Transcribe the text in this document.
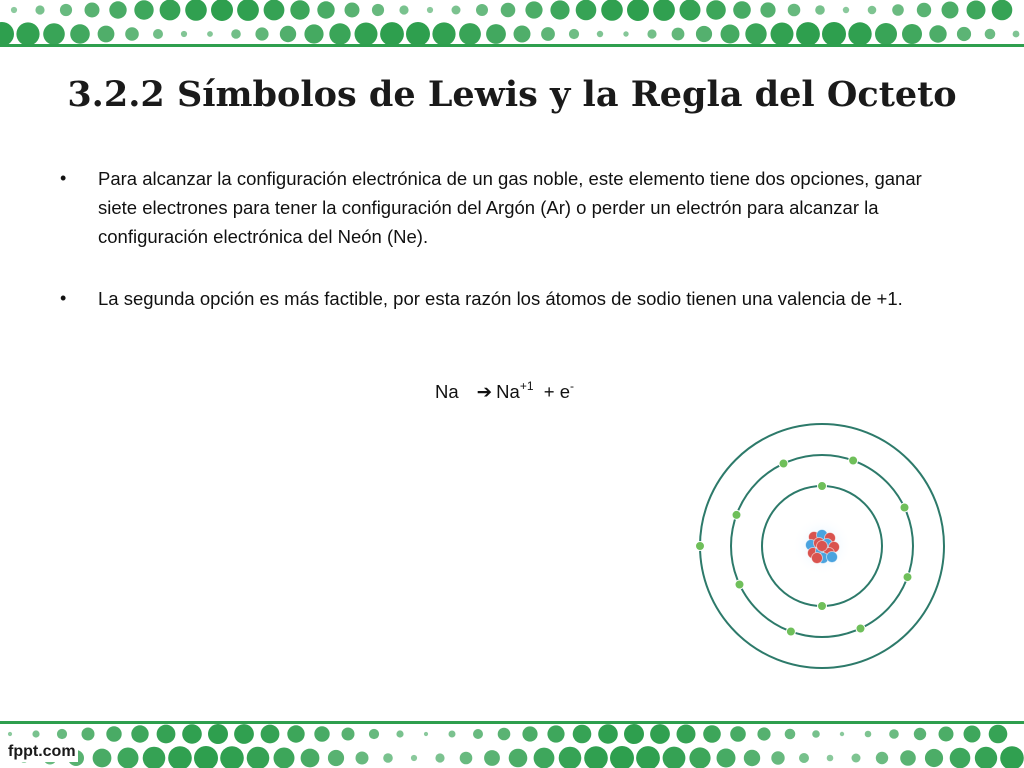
3.2.2 Símbolos de Lewis y la Regla del Octeto
• Para alcanzar la configuración electrónica de un gas noble, este elemento tiene dos opciones, ganar siete electrones para tener la configuración del Argón (Ar) o perder un electrón para alcanzar la configuración electrónica del Neón (Ne).
• La segunda opción es más factible, por esta razón los átomos de sodio tienen una valencia de +1.
Na ➔ $Na^{+1} + e^-$
fppt.com
